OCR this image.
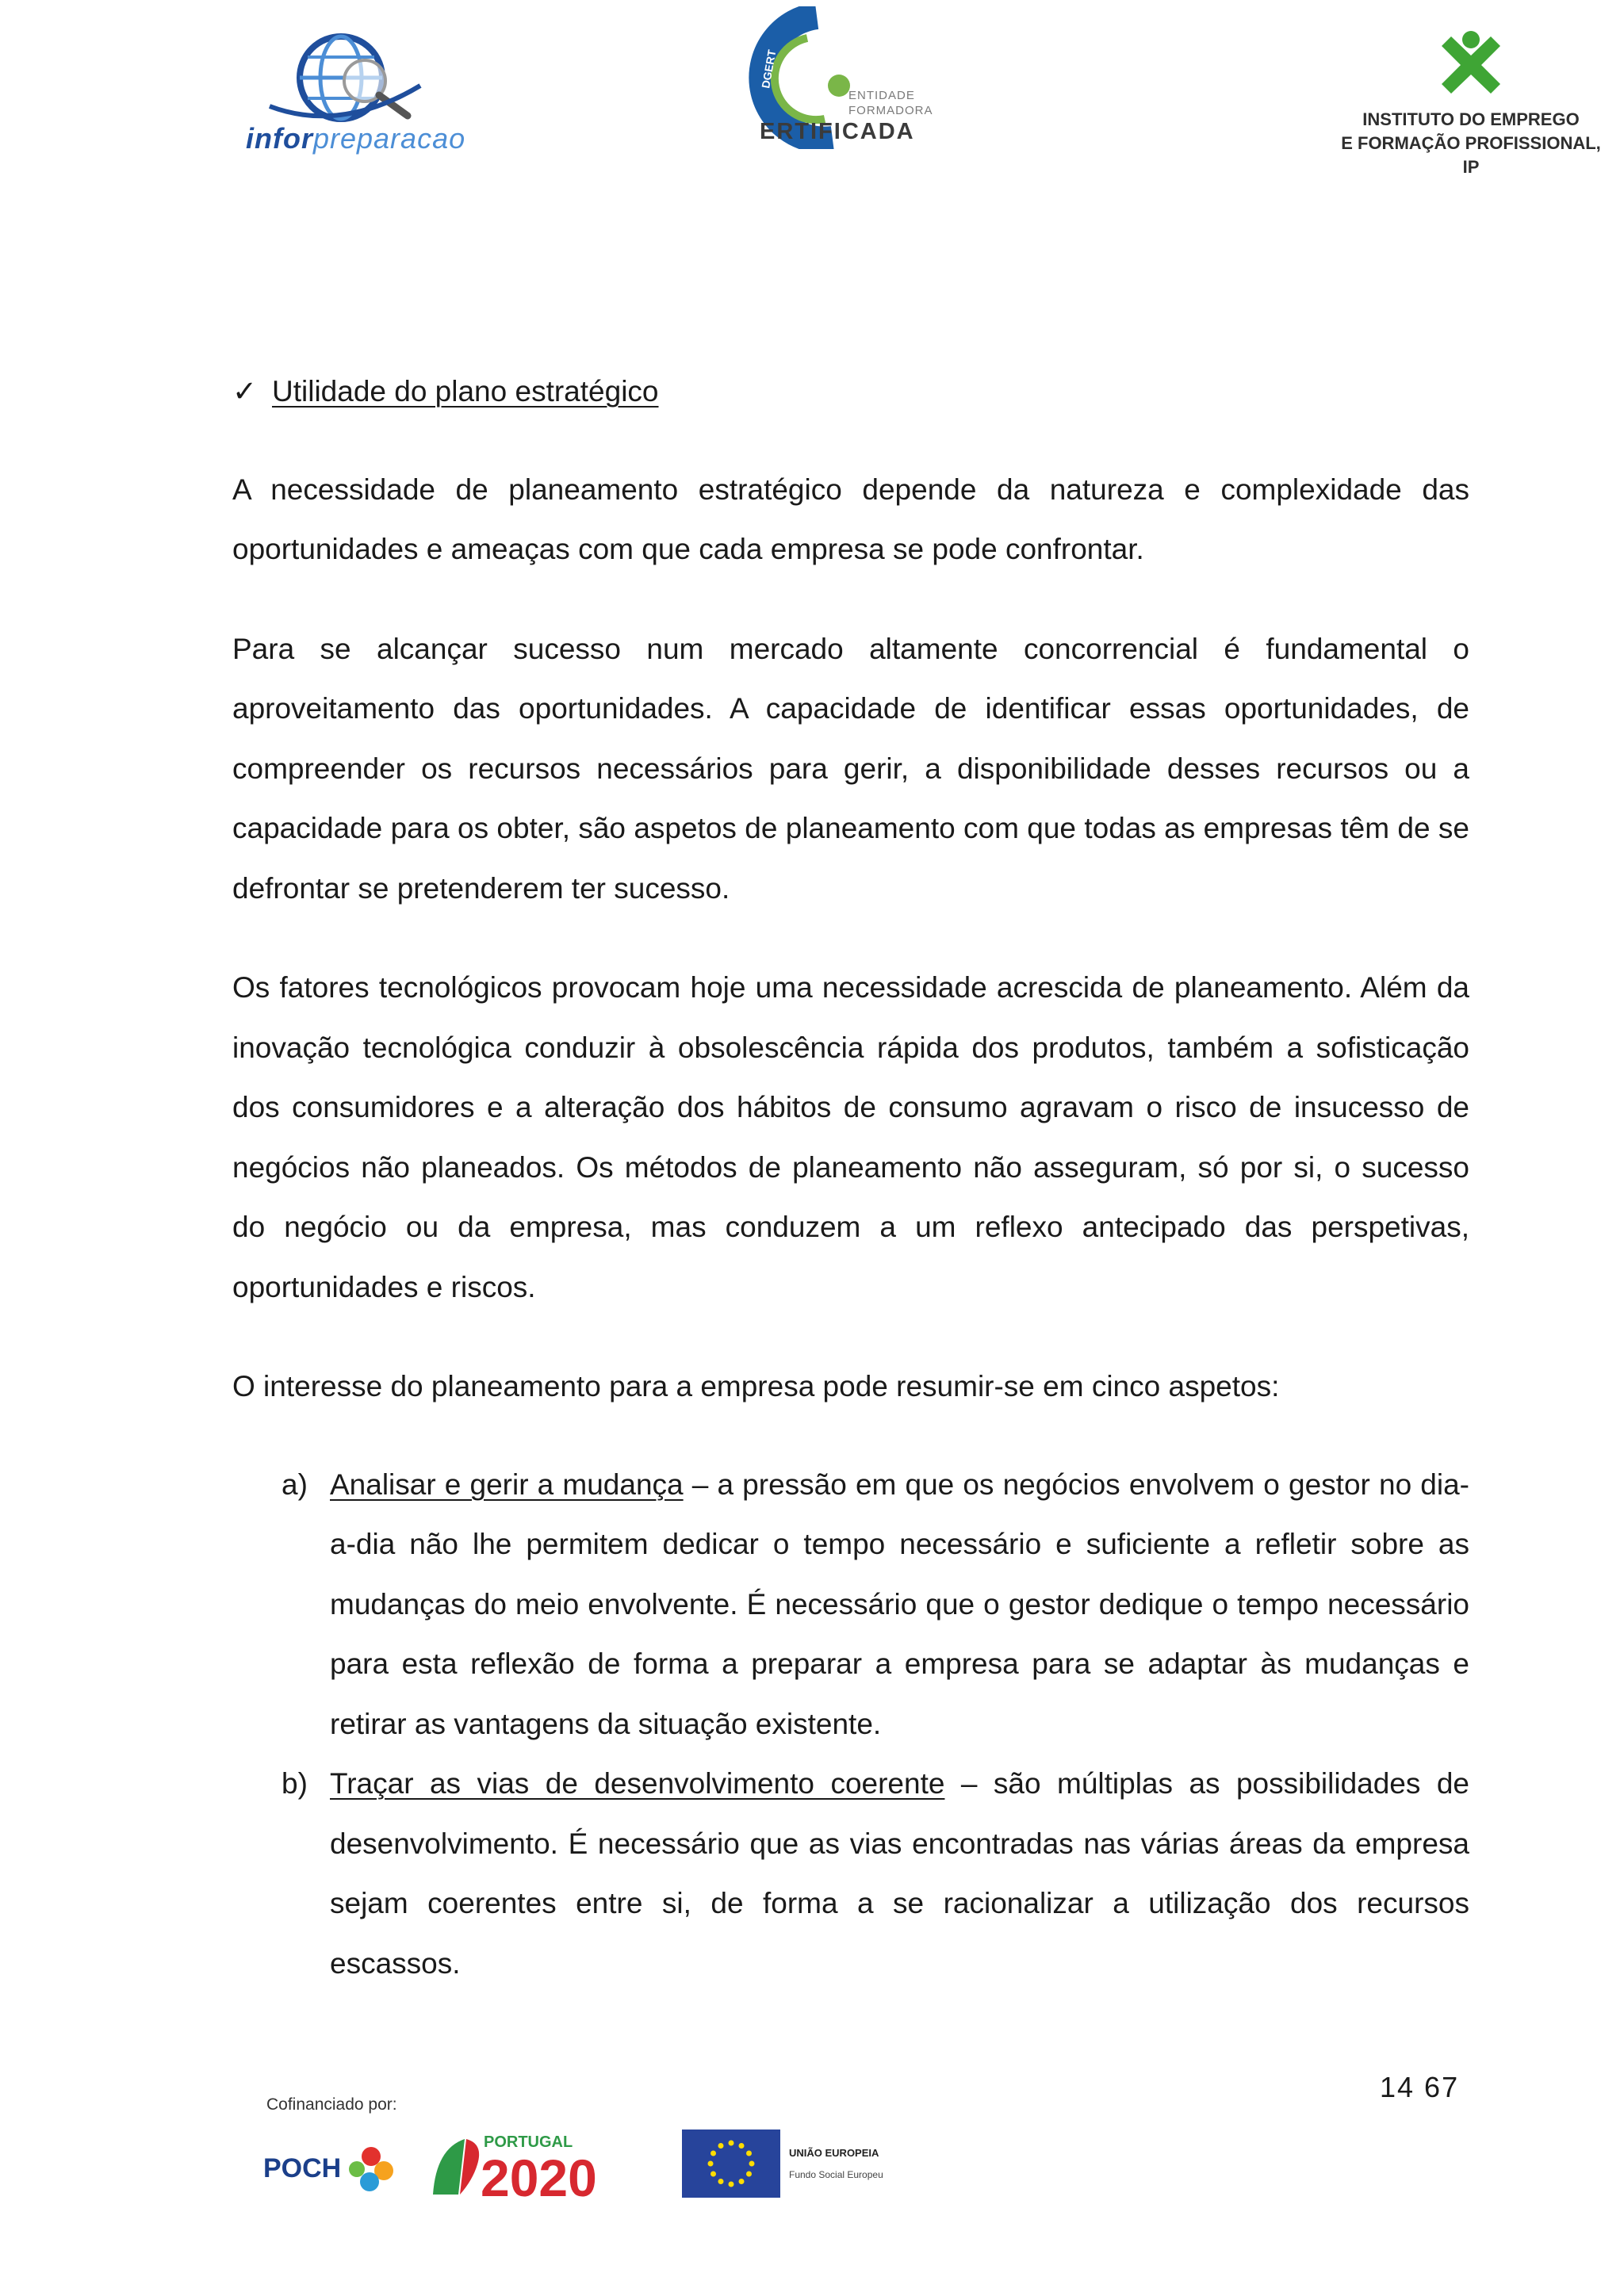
inforpreparacao
DGERT
ENTIDADE FORMADORA
ERTIFICADA	INSTITUTO DO EMPREGO
E FORMAÇÃO PROFISSIONAL, IP

✓ Utilidade do plano estratégico

A necessidade de planeamento estratégico depende da natureza e complexidade das oportunidades e ameaças com que cada empresa se pode confrontar.

Para se alcançar sucesso num mercado altamente concorrencial é fundamental o aproveitamento das oportunidades. A capacidade de identificar essas oportunidades, de compreender os recursos necessários para gerir, a disponibilidade desses recursos ou a capacidade para os obter, são aspetos de planeamento com que todas as empresas têm de se defrontar se pretenderem ter sucesso.

Os fatores tecnológicos provocam hoje uma necessidade acrescida de planeamento. Além da inovação tecnológica conduzir à obsolescência rápida dos produtos, também a sofisticação dos consumidores e a alteração dos hábitos de consumo agravam o risco de insucesso de negócios não planeados. Os métodos de planeamento não asseguram, só por si, o sucesso do negócio ou da empresa, mas conduzem a um reflexo antecipado das perspetivas, oportunidades e riscos.

O interesse do planeamento para a empresa pode resumir-se em cinco aspetos:

a) Analisar e gerir a mudança – a pressão em que os negócios envolvem o gestor no dia-a-dia não lhe permitem dedicar o tempo necessário e suficiente a refletir sobre as mudanças do meio envolvente. É necessário que o gestor dedique o tempo necessário para esta reflexão de forma a preparar a empresa para se adaptar às mudanças e retirar as vantagens da situação existente.
b) Traçar as vias de desenvolvimento coerente – são múltiplas as possibilidades de desenvolvimento. É necessário que as vias encontradas nas várias áreas da empresa sejam coerentes entre si, de forma a se racionalizar a utilização dos recursos escassos.
14 67
Cofinanciado por:
POCH
PORTUGAL
2020	UNIÃO EUROPEIA
Fundo Social Europeu
